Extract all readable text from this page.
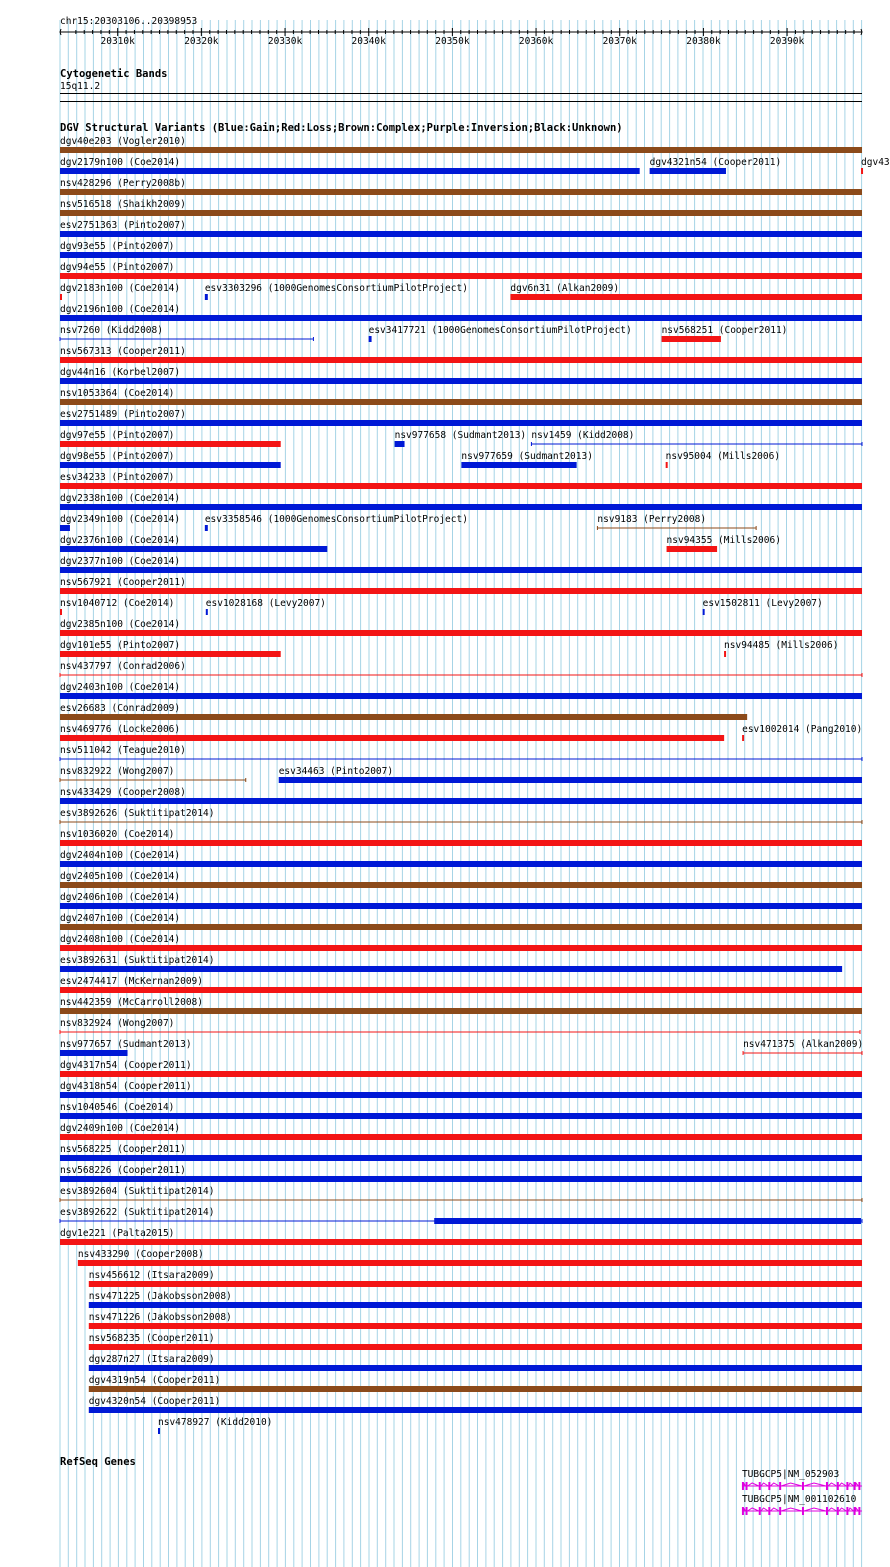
chr15:20303106..20398953
20310k	20320k	20330k	20340k	20350k	20360k	20370k	20380k	20390k
Cytogenetic Bands
15q11.2
DGV Structural Variants (Blue:Gain;Red:Loss;Brown:Complex;Purple:Inversion;Black:Unknown)
dgv40e203 (Vogler2010)
dgv2179n100 (Coe2014)	dgv4321n54 (Cooper2011)	dgv43
nsv428296 (Perry2008b)
nsv516518 (Shaikh2009)
esv2751363 (Pinto2007)
dgv93e55 (Pinto2007)
dgv94e55 (Pinto2007)
dgv2183n100 (Coe2014)	esv3303296 (1000GenomesConsortiumPilotProject)	dgv6n31 (Alkan2009)
dgv2196n100 (Coe2014)
nsv7260 (Kidd2008)	esv3417721 (1000GenomesConsortiumPilotProject)	nsv568251 (Cooper2011)
nsv567313 (Cooper2011)
dgv44n16 (Korbel2007)
nsv1053364 (Coe2014)
esv2751489 (Pinto2007)
dgv97e55 (Pinto2007)	nsv977658 (Sudmant2013) nsv1459 (Kidd2008)
dgv98e55 (Pinto2007)	nsv977659 (Sudmant2013)	nsv95004 (Mills2006)
esv34233 (Pinto2007)
dgv2338n100 (Coe2014)
dgv2349n100 (Coe2014)	esv3358546 (1000GenomesConsortiumPilotProject)	nsv9183 (Perry2008)
dgv2376n100 (Coe2014)	nsv94355 (Mills2006)
dgv2377n100 (Coe2014)
nsv567921 (Cooper2011)
nsv1040712 (Coe2014)	esv1028168 (Levy2007)	esv1502811 (Levy2007)
dgv2385n100 (Coe2014)
dgv101e55 (Pinto2007)	nsv94485 (Mills2006)
nsv437797 (Conrad2006)
dgv2403n100 (Coe2014)
esv26683 (Conrad2009)
nsv469776 (Locke2006)	esv1002014 (Pang2010)
nsv511042 (Teague2010)
nsv832922 (Wong2007)	esv34463 (Pinto2007)
nsv433429 (Cooper2008)
esv3892626 (Suktitipat2014)
nsv1036020 (Coe2014)
dgv2404n100 (Coe2014)
dgv2405n100 (Coe2014)
dgv2406n100 (Coe2014)
dgv2407n100 (Coe2014)
dgv2408n100 (Coe2014)
esv3892631 (Suktitipat2014)
esv2474417 (McKernan2009)
nsv442359 (McCarroll2008)
nsv832924 (Wong2007)
nsv977657 (Sudmant2013)	nsv471375 (Alkan2009)
dgv4317n54 (Cooper2011)
dgv4318n54 (Cooper2011)
nsv1040546 (Coe2014)
dgv2409n100 (Coe2014)
nsv568225 (Cooper2011)
nsv568226 (Cooper2011)
esv3892604 (Suktitipat2014)
esv3892622 (Suktitipat2014)
dgv1e221 (Palta2015)
nsv433290 (Cooper2008)
nsv456612 (Itsara2009)
nsv471225 (Jakobsson2008)
nsv471226 (Jakobsson2008)
nsv568235 (Cooper2011)
dgv287n27 (Itsara2009)
dgv4319n54 (Cooper2011)
dgv4320n54 (Cooper2011)
nsv478927 (Kidd2010)
RefSeq Genes
TUBGCP5|NM_052903
TUBGCP5|NM_001102610
